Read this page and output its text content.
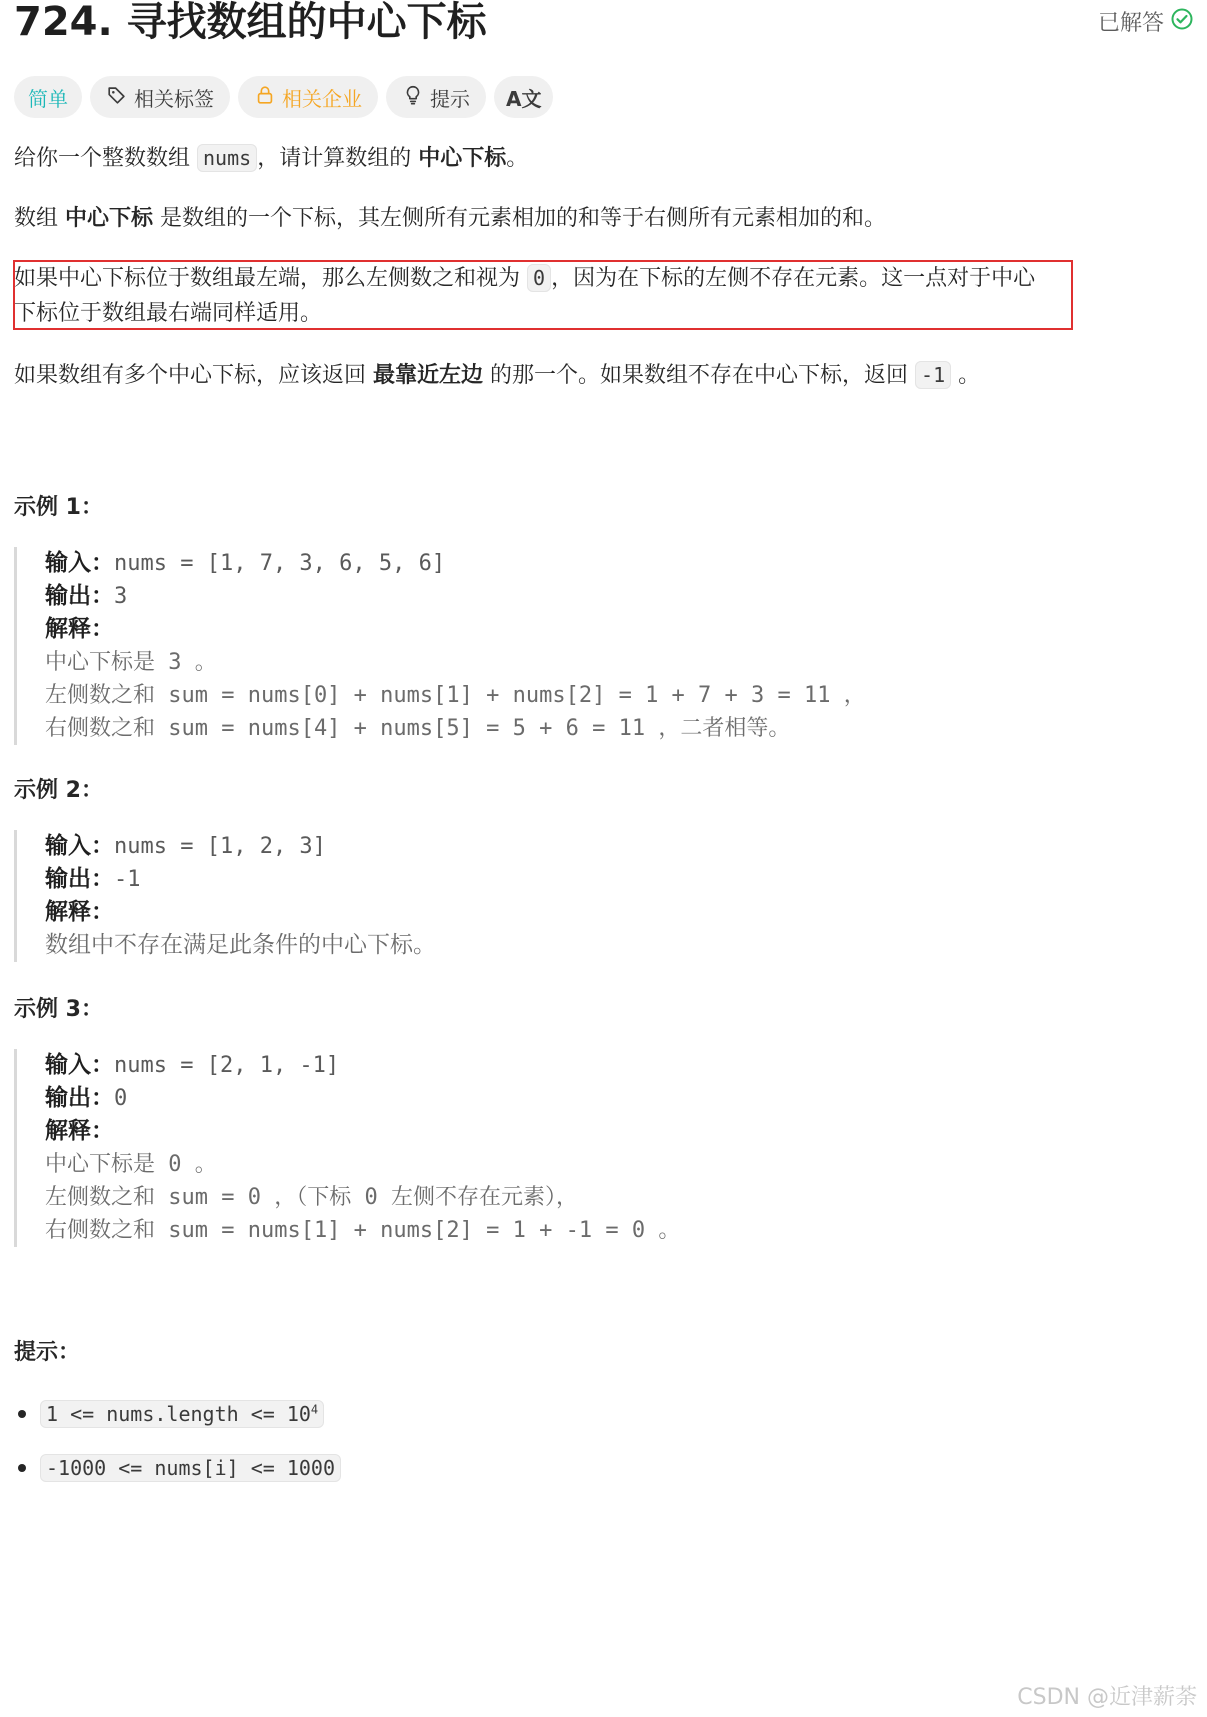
724. 寻找数组的中心下标	已解答
简单	相关标签	相关企业	提示 A文

给你一个整数数组 nums ，请计算数组的 中心下标。

数组 中心下标 是数组的一个下标，其左侧所有元素相加的和等于右侧所有元素相加的和。

如果中心下标位于数组最左端，那么左侧数之和视为 0 ，因为在下标的左侧不存在元素。这一点对于中心

下标位于数组最右端同样适用。

如果数组有多个中心下标，应该返回 最靠近左边 的那一个。如果数组不存在中心下标，返回 -1 。

示例 1：

输入：nums = [1, 7, 3, 6, 5, 6]
输出：3
解释：
中心下标是 3 。
左侧数之和 sum = nums[0] + nums[1] + nums[2] = 1 + 7 + 3 = 11 ，
右侧数之和 sum = nums[4] + nums[5] = 5 + 6 = 11 ，二者相等。

示例 2：

输入：nums = [1, 2, 3]
输出：-1
解释：
数组中不存在满足此条件的中心下标。

示例 3：

输入：nums = [2, 1, -1]
输出：0
解释：
中心下标是 0 。
左侧数之和 sum = 0 ，（下标 0 左侧不存在元素），
右侧数之和 sum = nums[1] + nums[2] = 1 + -1 = 0 。

提示：

1 <= nums.length <= $10^4$
-1000 <= nums[i] <= 1000
CSDN @近津薪荼
